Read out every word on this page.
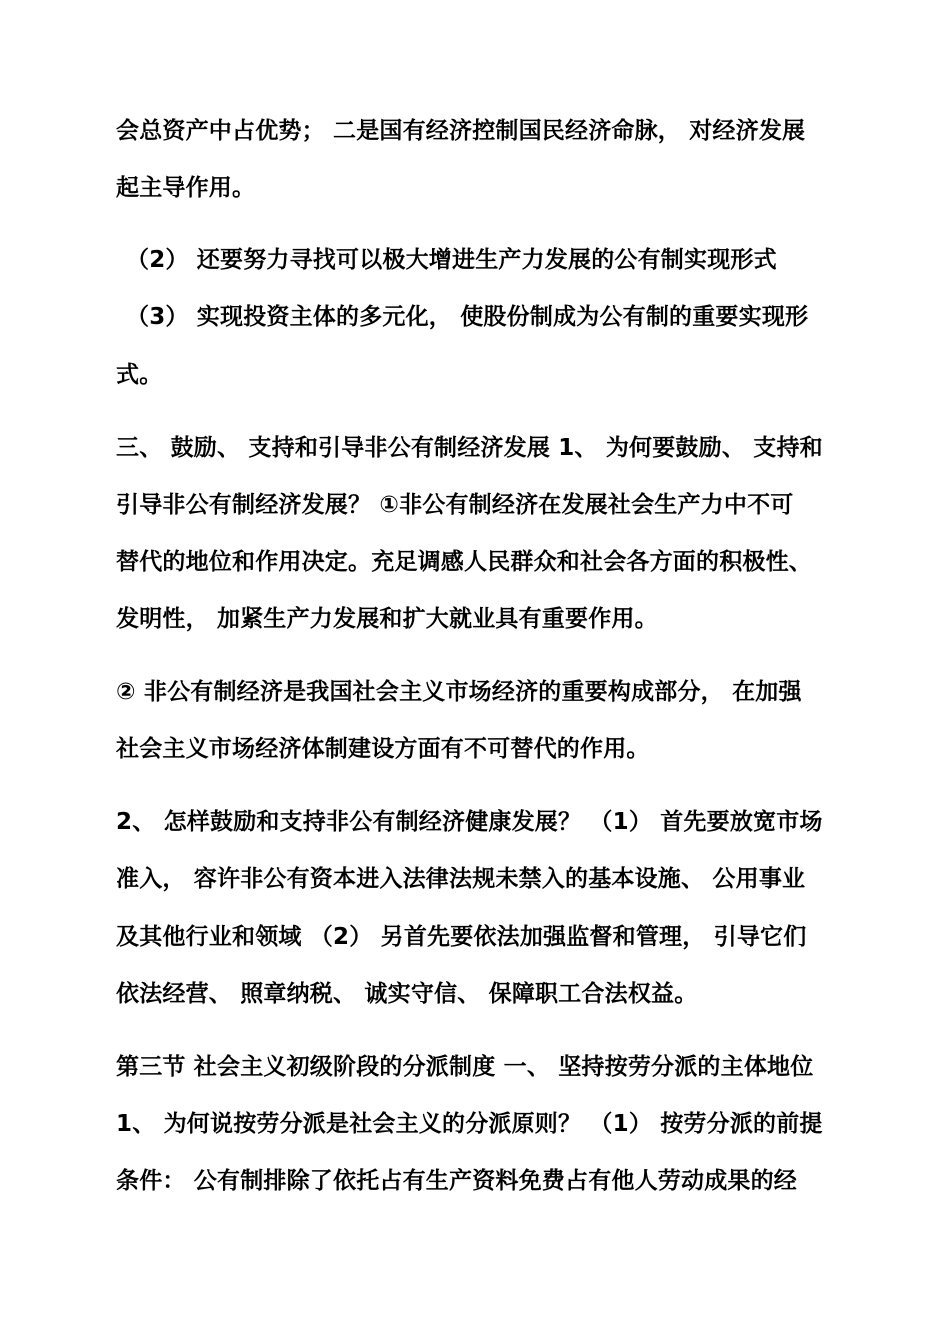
会总资产中占优势； 二是国有经济控制国民经济命脉， 对经济发展
起主导作用。
（2） 还要努力寻找可以极大增进生产力发展的公有制实现形式
（3） 实现投资主体的多元化， 使股份制成为公有制的重要实现形
式。
三、 鼓励、 支持和引导非公有制经济发展 1、 为何要鼓励、 支持和
引导非公有制经济发展？ ①非公有制经济在发展社会生产力中不可
替代的地位和作用决定。充足调感人民群众和社会各方面的积极性、
发明性， 加紧生产力发展和扩大就业具有重要作用。
② 非公有制经济是我国社会主义市场经济的重要构成部分， 在加强
社会主义市场经济体制建设方面有不可替代的作用。
2、 怎样鼓励和支持非公有制经济健康发展？ （1） 首先要放宽市场
准入， 容许非公有资本进入法律法规未禁入的基本设施、 公用事业
及其他行业和领域 （2） 另首先要依法加强监督和管理， 引导它们
依法经营、 照章纳税、 诚实守信、 保障职工合法权益。
第三节 社会主义初级阶段的分派制度 一、 坚持按劳分派的主体地位
1、 为何说按劳分派是社会主义的分派原则？ （1） 按劳分派的前提
条件： 公有制排除了依托占有生产资料免费占有他人劳动成果的经
